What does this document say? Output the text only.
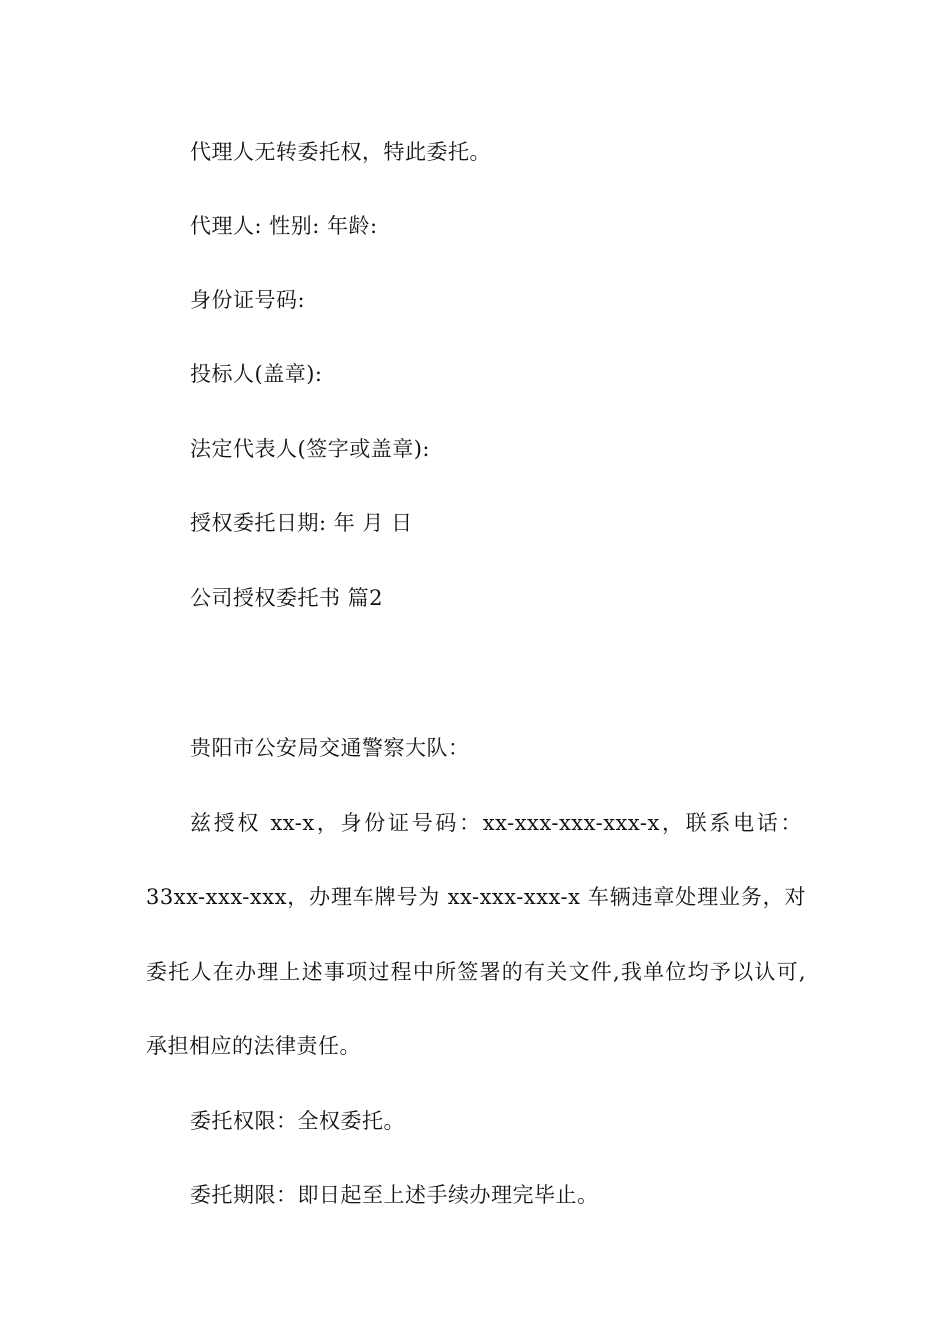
代理人无转委托权，特此委托。
代理人: 性别: 年龄:
身份证号码:
投标人(盖章):
法定代表人(签字或盖章):
授权委托日期: 年 月 日
公司授权委托书 篇2
贵阳市公安局交通警察大队：
兹授权 xx-x，身份证号码：xx-xxx-xxx-xxx-x，联系电话：
33xx-xxx-xxx，办理车牌号为 xx-xxx-xxx-x 车辆违章处理业务，对
委托人在办理上述事项过程中所签署的有关文件,我单位均予以认可,
承担相应的法律责任。
委托权限：全权委托。
委托期限：即日起至上述手续办理完毕止。
